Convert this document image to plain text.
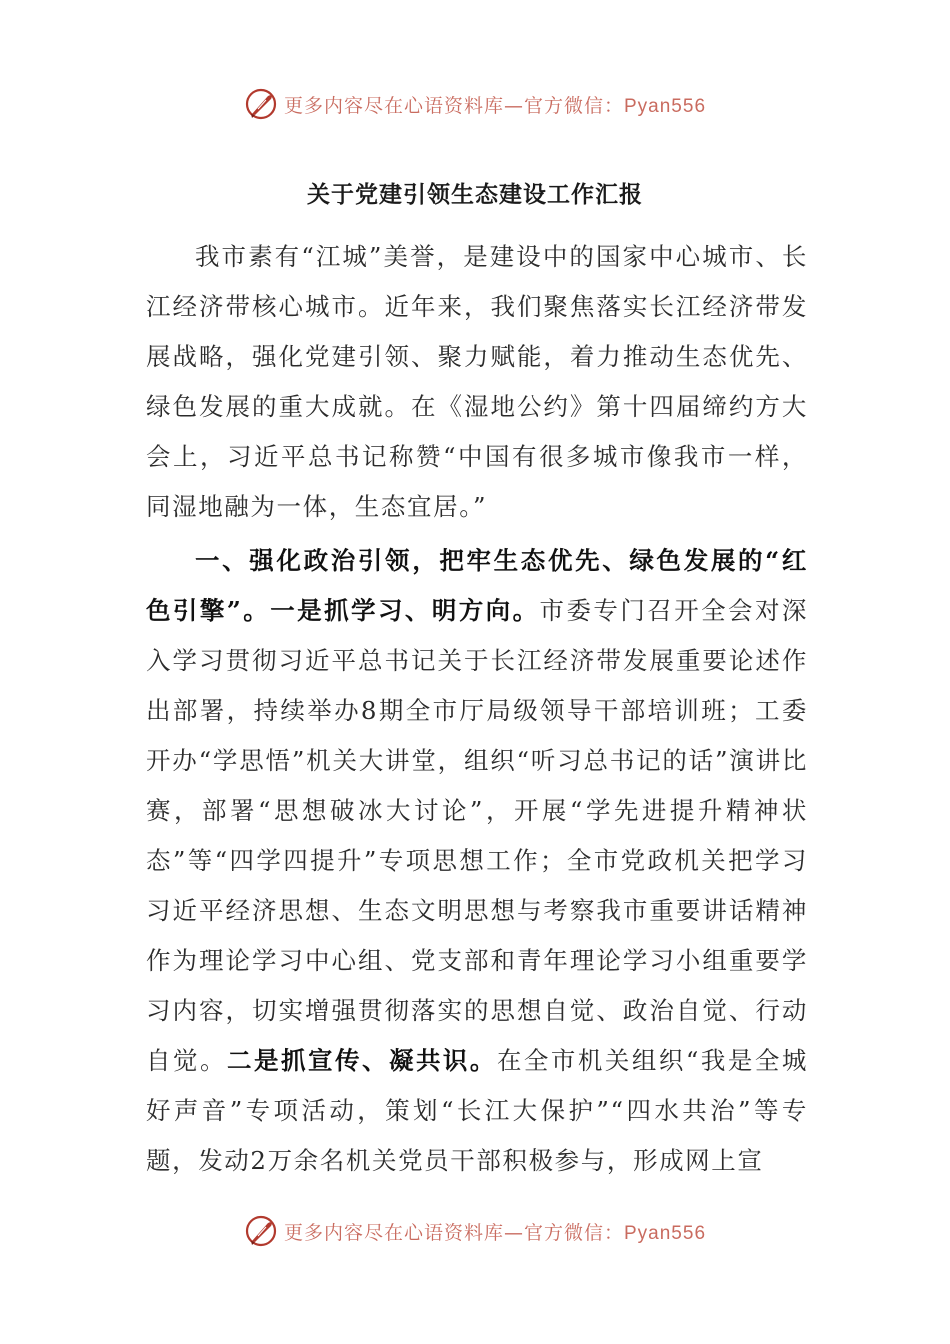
更多内容尽在心语资料库—官方微信：Pyan556
关于党建引领生态建设工作汇报

我市素有“江城”美誉，是建设中的国家中心城市、长江经济带核心城市。近年来，我们聚焦落实长江经济带发展战略，强化党建引领、聚力赋能，着力推动生态优先、绿色发展的重大成就。在《湿地公约》第十四届缔约方大会上，习近平总书记称赞“中国有很多城市像我市一样，同湿地融为一体，生态宜居。”

一、强化政治引领，把牢生态优先、绿色发展的“红色引擎”。一是抓学习、明方向。市委专门召开全会对深入学习贯彻习近平总书记关于长江经济带发展重要论述作出部署，持续举办8期全市厅局级领导干部培训班；工委开办“学思悟”机关大讲堂，组织“听习总书记的话”演讲比赛，部署“思想破冰大讨论”，开展“学先进提升精神状态”等“四学四提升”专项思想工作；全市党政机关把学习习近平经济思想、生态文明思想与考察我市重要讲话精神作为理论学习中心组、党支部和青年理论学习小组重要学习内容，切实增强贯彻落实的思想自觉、政治自觉、行动自觉。二是抓宣传、凝共识。在全市机关组织“我是全城好声音”专项活动，策划“长江大保护”“四水共治”等专题，发动2万余名机关党员干部积极参与，形成网上宣

更多内容尽在心语资料库—官方微信：Pyan556
